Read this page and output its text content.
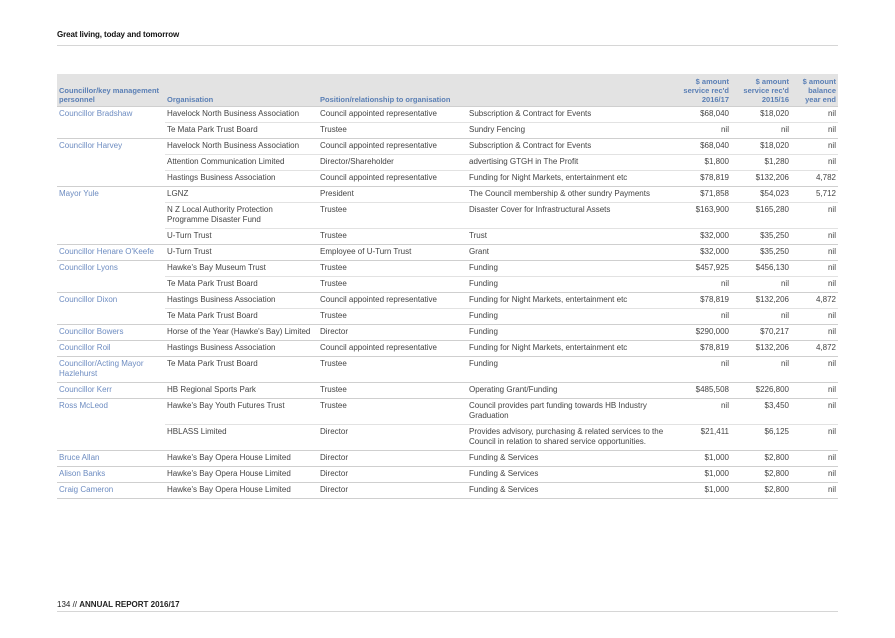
Great living, today and tomorrow
Councillor/key management personnel	Organisation	Position/relationship to organisation		$ amount service rec'd 2016/17	$ amount service rec'd 2015/16	$ amount balance year end
Councillor Bradshaw	Havelock North Business Association	Council appointed representative	Subscription & Contract for Events	$68,040	$18,020	nil
	Te Mata Park Trust Board	Trustee	Sundry Fencing	nil	nil	nil
Councillor Harvey	Havelock North Business Association	Council appointed representative	Subscription & Contract for Events	$68,040	$18,020	nil
	Attention Communication Limited	Director/Shareholder	advertising GTGH in The Profit	$1,800	$1,280	nil
	Hastings Business Association	Council appointed representative	Funding for Night Markets, entertainment etc	$78,819	$132,206	4,782
Mayor Yule	LGNZ	President	The Council membership & other sundry Payments	$71,858	$54,023	5,712
	N Z Local Authority Protection Programme Disaster Fund	Trustee	Disaster Cover for Infrastructural Assets	$163,900	$165,280	nil
	U-Turn Trust	Trustee	Trust	$32,000	$35,250	nil
Councillor Henare O'Keefe	U-Turn Trust	Employee of U-Turn Trust	Grant	$32,000	$35,250	nil
Councillor Lyons	Hawke's Bay Museum Trust	Trustee	Funding	$457,925	$456,130	nil
	Te Mata Park Trust Board	Trustee	Funding	nil	nil	nil
Councillor Dixon	Hastings Business Association	Council appointed representative	Funding for Night Markets, entertainment etc	$78,819	$132,206	4,872
	Te Mata Park Trust Board	Trustee	Funding	nil	nil	nil
Councillor Bowers	Horse of the Year (Hawke's Bay) Limited	Director	Funding	$290,000	$70,217	nil
Councillor Roil	Hastings Business Association	Council appointed representative	Funding for Night Markets, entertainment etc	$78,819	$132,206	4,872
Councillor/Acting Mayor Hazlehurst	Te Mata Park Trust Board	Trustee	Funding	nil	nil	nil
Councillor Kerr	HB Regional Sports Park	Trustee	Operating Grant/Funding	$485,508	$226,800	nil
Ross McLeod	Hawke's Bay Youth Futures Trust	Trustee	Council provides part funding towards HB Industry Graduation	nil	$3,450	nil
	HBLASS Limited	Director	Provides advisory, purchasing & related services to the Council in relation to shared service opportunities.	$21,411	$6,125	nil
Bruce Allan	Hawke's Bay Opera House Limited	Director	Funding & Services	$1,000	$2,800	nil
Alison Banks	Hawke's Bay Opera House Limited	Director	Funding & Services	$1,000	$2,800	nil
Craig Cameron	Hawke's Bay Opera House Limited	Director	Funding & Services	$1,000	$2,800	nil
134 // ANNUAL REPORT 2016/17
